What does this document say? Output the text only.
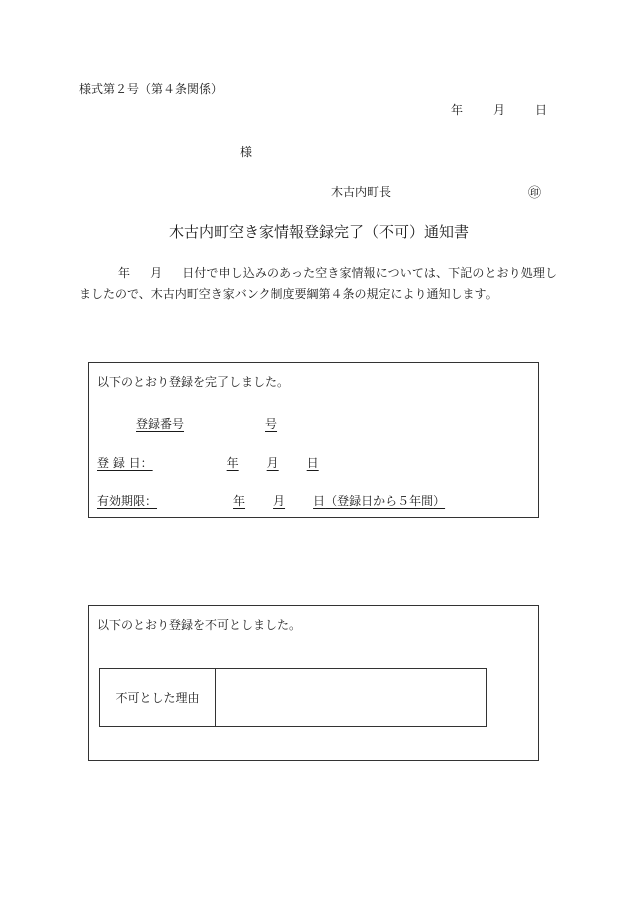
様式第２号（第４条関係）
年 月 日
様
木古内町長	㊞
木古内町空き家情報登録完了（不可）通知書
年 月 日付で申し込みのあった空き家情報については、下記のとおり処理しましたので、木古内町空き家バンク制度要綱第４条の規定により通知します。
以下のとおり登録を完了しました。
登録番号	号
登 録 日：	年 月 日
有効期限：	年 月 日（登録日から５年間）
以下のとおり登録を不可としました。
不可とした理由
